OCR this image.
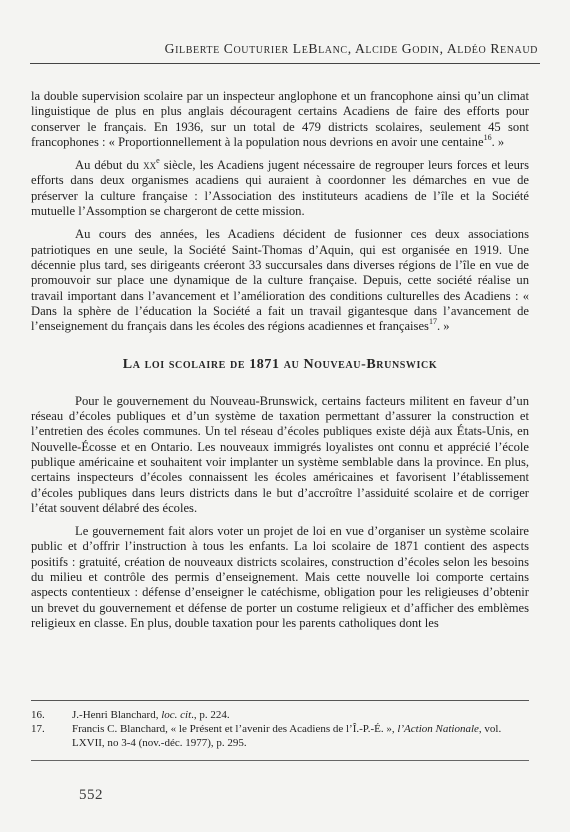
Gilberte Couturier LeBlanc, Alcide Godin, Aldéo Renaud

la double supervision scolaire par un inspecteur anglophone et un francophone ainsi qu’un climat linguistique de plus en plus anglais découragent certains Acadiens de faire des efforts pour conserver le français. En 1936, sur un total de 479 districts scolaires, seulement 45 sont francophones : « Proportionnellement à la population nous devrions en avoir une centaine$^{16}$. »

Au début du $xx^e$ siècle, les Acadiens jugent nécessaire de regrouper leurs forces et leurs efforts dans deux organismes acadiens qui auraient à coordonner les démarches en vue de préserver la culture française : l’Association des instituteurs acadiens de l’île et la Société mutuelle l’Assomption se chargeront de cette mission.

Au cours des années, les Acadiens décident de fusionner ces deux associations patriotiques en une seule, la Société Saint-Thomas d’Aquin, qui est organisée en 1919. Une décennie plus tard, ses dirigeants créeront 33 succursales dans diverses régions de l’île en vue de promouvoir sur place une dynamique de la culture française. Depuis, cette société réalise un travail important dans l’avancement et l’amélioration des conditions culturelles des Acadiens : « Dans la sphère de l’éducation la Société a fait un travail gigantesque dans l’avancement de l’enseignement du français dans les écoles des régions acadiennes et françaises$^{17}$. »

La loi scolaire de 1871 au Nouveau-Brunswick

Pour le gouvernement du Nouveau-Brunswick, certains facteurs militent en faveur d’un réseau d’écoles publiques et d’un système de taxation permettant d’assurer la construction et l’entretien des écoles communes. Un tel réseau d’écoles publiques existe déjà aux États-Unis, en Nouvelle-Écosse et en Ontario. Les nouveaux immigrés loyalistes ont connu et apprécié l’école publique américaine et souhaitent voir implanter un système semblable dans la province. En plus, certains inspecteurs d’écoles connaissent les écoles américaines et favorisent l’établissement d’écoles publiques dans leurs districts dans le but d’accroître l’assiduité scolaire et de corriger l’état souvent délabré des écoles.

Le gouvernement fait alors voter un projet de loi en vue d’organiser un système scolaire public et d’offrir l’instruction à tous les enfants. La loi scolaire de 1871 contient des aspects positifs : gratuité, création de nouveaux districts scolaires, construction d’écoles selon les besoins du milieu et contrôle des permis d’enseignement. Mais cette nouvelle loi comporte certains aspects contentieux : défense d’enseigner le catéchisme, obligation pour les religieuses d’obtenir un brevet du gouvernement et défense de porter un costume religieux et d’afficher des emblèmes religieux en classe. En plus, double taxation pour les parents catholiques dont les

16.	J.-Henri Blanchard, loc. cit., p. 224.
17.	Francis C. Blanchard, « le Présent et l’avenir des Acadiens de l’Î.-P.-É. », l’Action Nationale, vol. LXVII, no 3-4 (nov.-déc. 1977), p. 295.
552
